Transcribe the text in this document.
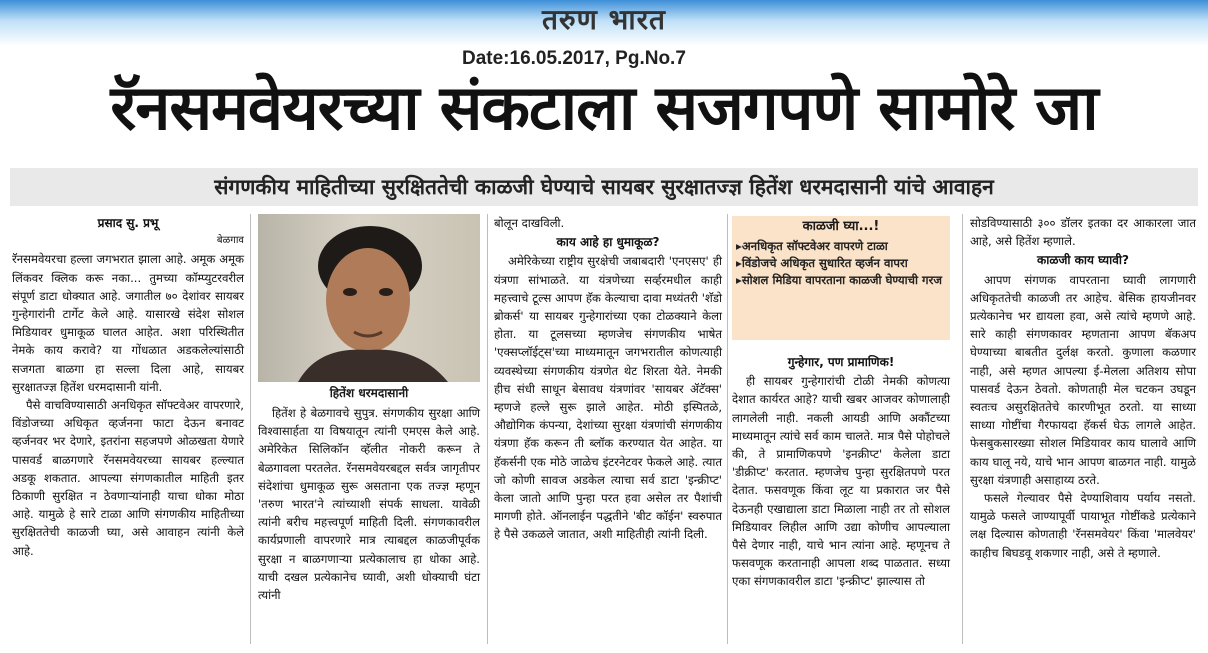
तरुण भारत
Date:16.05.2017, Pg.No.7
रॅनसमवेयरच्या संकटाला सजगपणे सामोरे जा
संगणकीय माहितीच्या सुरक्षिततेची काळजी घेण्याचे सायबर सुरक्षातज्ज्ञ हितेंश धरमदासानी यांचे आवाहन
प्रसाद सु. प्रभू
बेळगाव

रॅनसमवेयरचा हल्ला जगभरात झाला आहे. अमूक अमूक लिंकवर क्लिक करू नका... तुमच्या कॉम्प्युटरवरील संपूर्ण डाटा धोक्यात आहे. जगातील ७० देशांवर सायबर गुन्हेगारांनी टार्गेट केले आहे. यासारखे संदेश सोशल मिडियावर धुमाकूळ घालत आहेत. अशा परिस्थितीत नेमके काय करावे? या गोंधळात अडकलेल्यांसाठी सजगता बाळगा हा सल्ला दिला आहे, सायबर सुरक्षातज्ज्ञ हितेंश धरमदासानी यांनी.

पैसे वाचविण्यासाठी अनधिकृत सॉफ्टवेअर वापरणारे, विंडोजच्या अधिकृत व्हर्जनना फाटा देऊन बनावट व्हर्जनवर भर देणारे, इतरांना सहजपणे ओळखता येणारे पासवर्ड बाळगणारे रॅनसमवेयरच्या सायबर हल्ल्यात अडकू शकतात. आपल्या संगणकातील माहिती इतर ठिकाणी सुरक्षित न ठेवणाऱ्यांनाही याचा धोका मोठा आहे. यामुळे हे सारे टाळा आणि संगणकीय माहितीच्या सुरक्षिततेची काळजी घ्या, असे आवाहन त्यांनी केले आहे.

हितेंश धरमदासानी

हितेंश हे बेळगावचे सुपुत्र. संगणकीय सुरक्षा आणि विश्वासार्हता या विषयातून त्यांनी एमएस केले आहे. अमेरिकेत सिलिकॉन व्हॅलीत नोकरी करून ते बेळगावला परतलेत. रॅनसमवेयरबद्दल सर्वत्र जागृतीपर संदेशांचा धुमाकूळ सुरू असताना एक तज्ज्ञ म्हणून 'तरुण भारत'ने त्यांच्याशी संपर्क साधला. यावेळी त्यांनी बरीच महत्त्वपूर्ण माहिती दिली. संगणकावरील कार्यप्रणाली वापरणारे मात्र त्याबद्दल काळजीपूर्वक सुरक्षा न बाळगणाऱ्या प्रत्येकालाच हा धोका आहे. याची दखल प्रत्येकानेच घ्यावी, अशी धोक्याची घंटा त्यांनी

बोलून दाखविली.

काय आहे हा धुमाकूळ?

अमेरिकेच्या राष्ट्रीय सुरक्षेची जबाबदारी 'एनएसए' ही यंत्रणा सांभाळते. या यंत्रणेच्या सर्व्हरमधील काही महत्त्वाचे टूल्स आपण हॅक केल्याचा दावा मध्यंतरी 'शॅडो ब्रोकर्स' या सायबर गुन्हेगारांच्या एका टोळक्याने केला होता. या टूलसच्या म्हणजेच संगणकीय भाषेत 'एक्सप्लॉईट्स'च्या माध्यमातून जगभरातील कोणत्याही व्यवस्थेच्या संगणकीय यंत्रणेत थेट शिरता येते. नेमकी हीच संधी साधून बेसावध यंत्रणांवर 'सायबर ॲटॅक्स' म्हणजे हल्ले सुरू झाले आहेत. मोठी इस्पितळे, औद्योगिक कंपन्या, देशांच्या सुरक्षा यंत्रणांची संगणकीय यंत्रणा हॅक करून ती ब्लॉक करण्यात येत आहेत. या हॅकर्सनी एक मोठे जाळेच इंटरनेटवर फेकले आहे. त्यात जो कोणी सावज अडकेल त्याचा सर्व डाटा 'इन्क्रीप्ट' केला जातो आणि पुन्हा परत हवा असेल तर पैशांची मागणी होते. ऑनलाईन पद्धतीने 'बीट कॉईन' स्वरुपात हे पैसे उकळले जातात, अशी माहितीही त्यांनी दिली.

काळजी घ्या...!
▸अनधिकृत सॉफ्टवेअर वापरणे टाळा
▸विंडोजचे अधिकृत सुधारित व्हर्जन वापरा
▸सोशल मिडिया वापरताना काळजी घेण्याची गरज
गुन्हेगार, पण प्रामाणिक!

ही सायबर गुन्हेगारांची टोळी नेमकी कोणत्या देशात कार्यरत आहे? याची खबर आजवर कोणालाही लागलेली नाही. नकली आयडी आणि अकौंटच्या माध्यमातून त्यांचे सर्व काम चालते. मात्र पैसे पोहोचले की, ते प्रामाणिकपणे 'इनक्रीप्ट' केलेला डाटा 'डीक्रीप्ट' करतात. म्हणजेच पुन्हा सुरक्षितपणे परत देतात. फसवणूक किंवा लूट या प्रकारात जर पैसे देऊनही एखाद्याला डाटा मिळाला नाही तर तो सोशल मिडियावर लिहील आणि उद्या कोणीच आपल्याला पैसे देणार नाही, याचे भान त्यांना आहे. म्हणूनच ते फसवणूक करतानाही आपला शब्द पाळतात. सध्या एका संगणकावरील डाटा 'इन्क्रीप्ट' झाल्यास तो

सोडविण्यासाठी ३०० डॉलर इतका दर आकारला जात आहे, असे हितेंश म्हणाले.

काळजी काय घ्यावी?

आपण संगणक वापरताना घ्यावी लागणारी अधिकृततेची काळजी तर आहेच. बेसिक हायजीनवर प्रत्येकानेच भर द्यायला हवा, असे त्यांचे म्हणणे आहे. सारे काही संगणकावर म्हणताना आपण बॅकअप घेण्याच्या बाबतीत दुर्लक्ष करतो. कुणाला कळणार नाही, असे म्हणत आपल्या ई-मेलला अतिशय सोपा पासवर्ड देऊन ठेवतो. कोणताही मेल चटकन उघडून स्वतःच असुरक्षिततेचे कारणीभूत ठरतो. या साध्या साध्या गोष्टींचा गैरफायदा हॅकर्स घेऊ लागले आहेत. फेसबुकसारख्या सोशल मिडियावर काय घालावे आणि काय घालू नये, याचे भान आपण बाळगत नाही. यामुळे सुरक्षा यंत्रणाही असाहाय्य ठरते.

फसले गेल्यावर पैसे देण्याशिवाय पर्याय नसतो. यामुळे फसले जाण्यापूर्वी पायाभूत गोष्टींकडे प्रत्येकाने लक्ष दिल्यास कोणताही 'रॅनसमवेयर' किंवा 'मालवेयर' काहीच बिघडवू शकणार नाही, असे ते म्हणाले.
